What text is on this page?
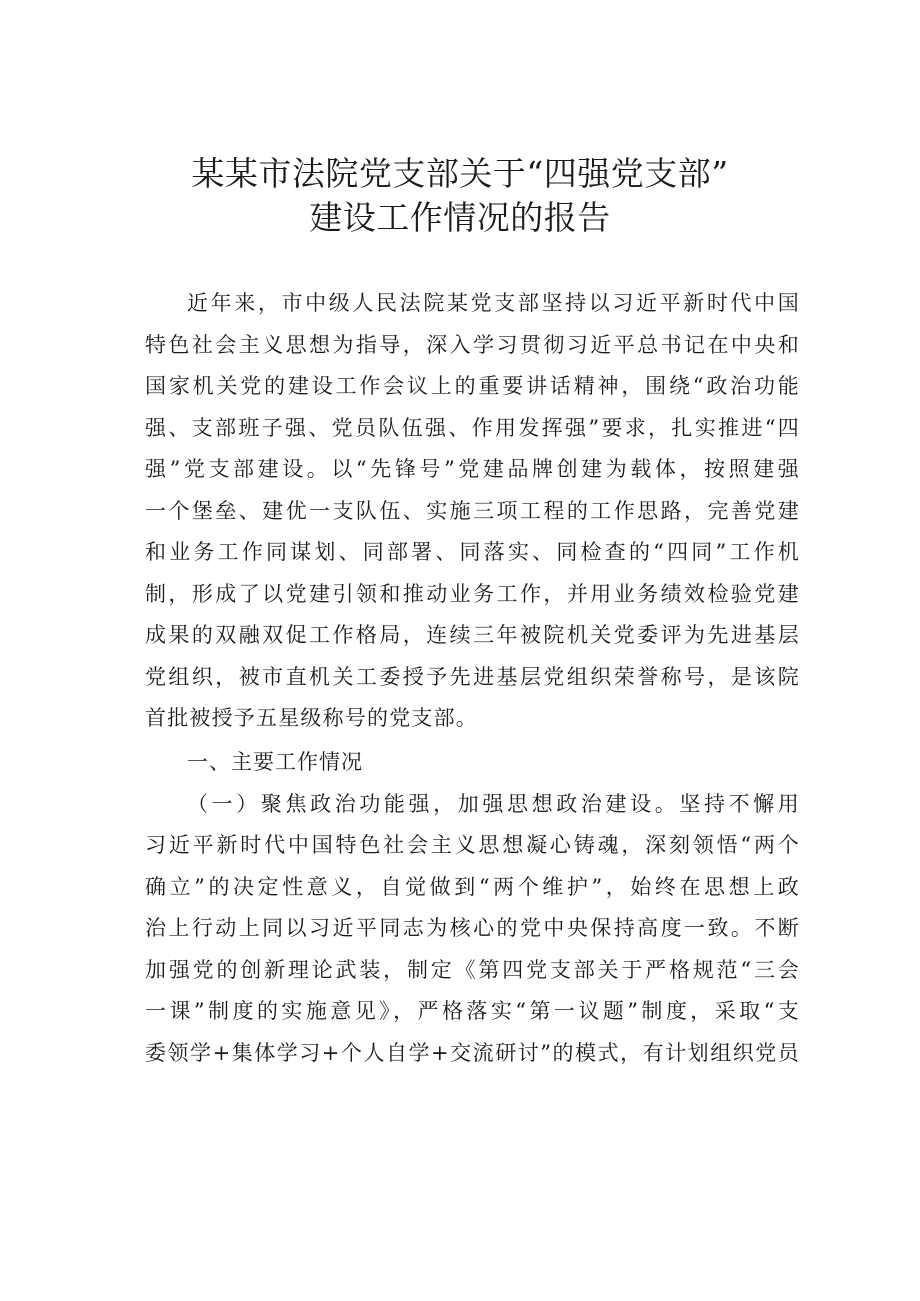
某某市法院党支部关于“四强党支部”
建设工作情况的报告
近年来，市中级人民法院某党支部坚持以习近平新时代中国
特色社会主义思想为指导，深入学习贯彻习近平总书记在中央和
国家机关党的建设工作会议上的重要讲话精神，围绕“政治功能
强、支部班子强、党员队伍强、作用发挥强”要求，扎实推进“四
强”党支部建设。以“先锋号”党建品牌创建为载体，按照建强
一个堡垒、建优一支队伍、实施三项工程的工作思路，完善党建
和业务工作同谋划、同部署、同落实、同检查的“四同”工作机
制，形成了以党建引领和推动业务工作，并用业务绩效检验党建
成果的双融双促工作格局，连续三年被院机关党委评为先进基层
党组织，被市直机关工委授予先进基层党组织荣誉称号，是该院
首批被授予五星级称号的党支部。
一、主要工作情况
（一）聚焦政治功能强，加强思想政治建设。坚持不懈用
习近平新时代中国特色社会主义思想凝心铸魂，深刻领悟“两个
确立”的决定性意义，自觉做到“两个维护”，始终在思想上政
治上行动上同以习近平同志为核心的党中央保持高度一致。不断
加强党的创新理论武装，制定《第四党支部关于严格规范“三会
一课”制度的实施意见》，严格落实“第一议题”制度，采取“支
委领学+集体学习+个人自学+交流研讨”的模式，有计划组织党员
